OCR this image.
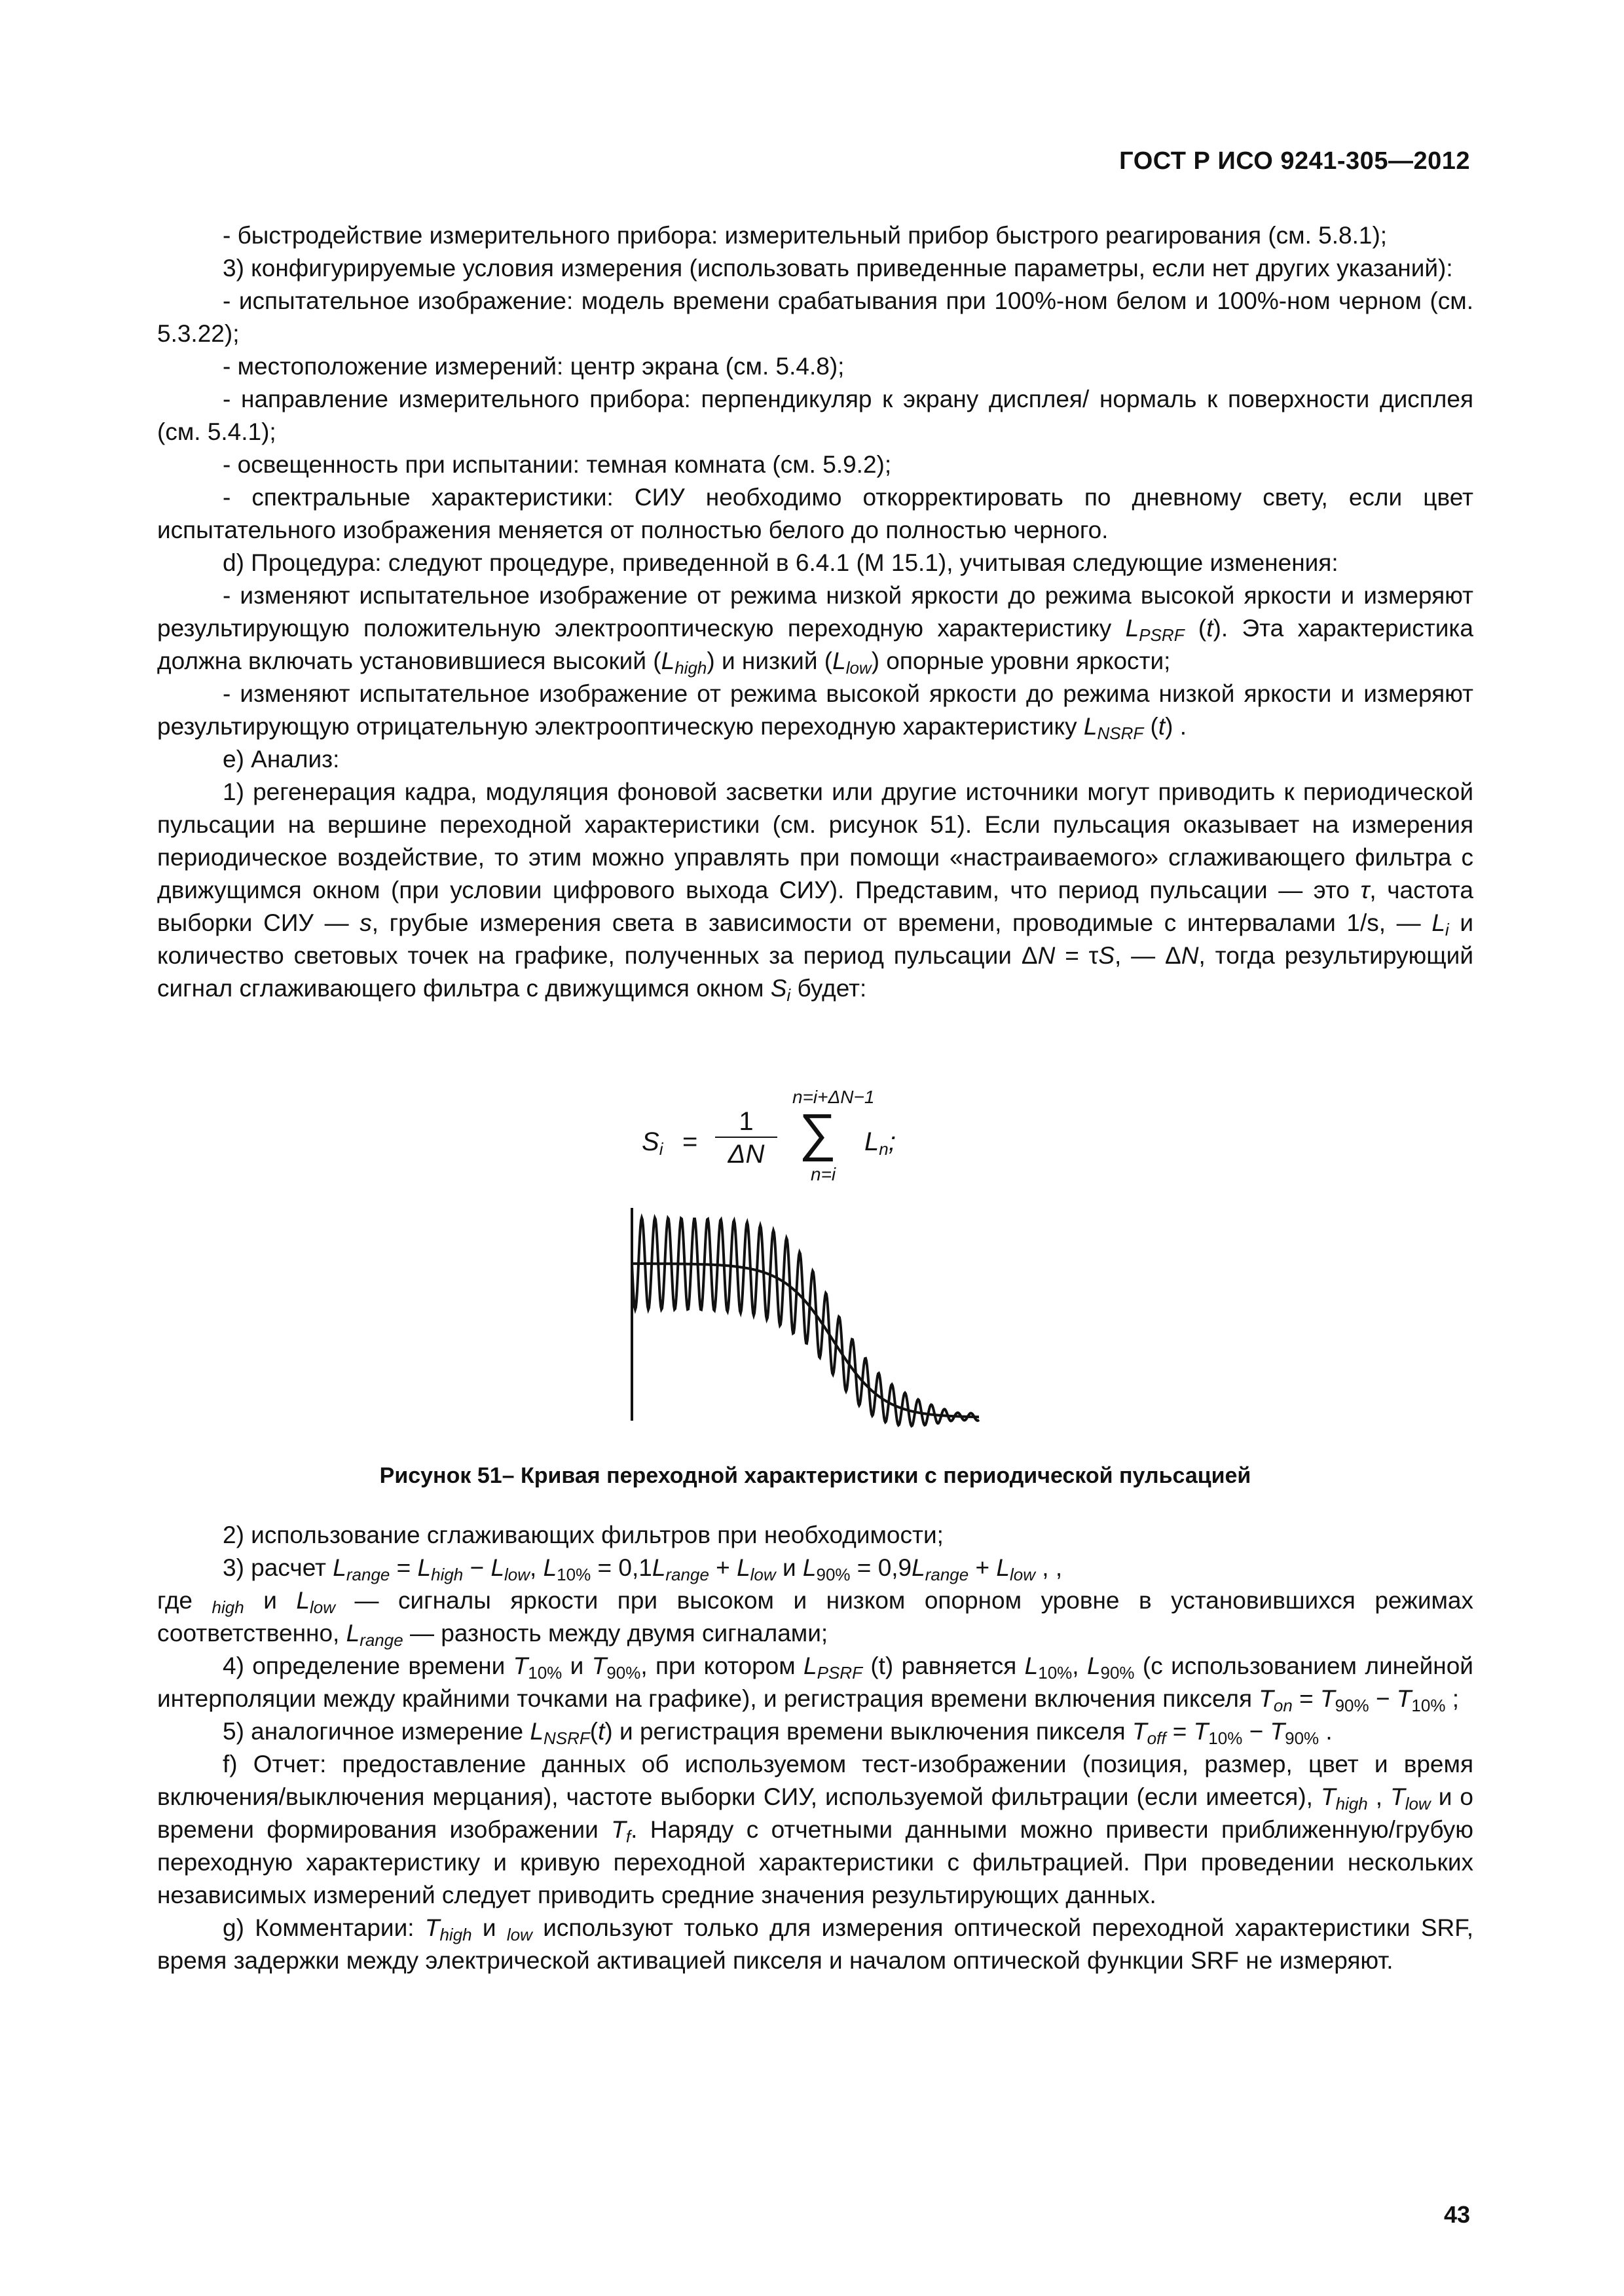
ГОСТ Р ИСО 9241-305—2012

- быстродействие измерительного прибора: измерительный прибор быстрого реагирования (см. 5.8.1);

3) конфигурируемые условия измерения (использовать приведенные параметры, если нет других указаний):

- испытательное изображение: модель времени срабатывания при 100%-ном белом и 100%-ном черном (см. 5.3.22);

- местоположение измерений: центр экрана (см. 5.4.8);

- направление измерительного прибора: перпендикуляр к экрану дисплея/ нормаль к поверхности дисплея (см. 5.4.1);

- освещенность при испытании: темная комната (см. 5.9.2);

- спектральные характеристики: СИУ необходимо откорректировать по дневному свету, если цвет испытательного изображения меняется от полностью белого до полностью черного.

d) Процедура: следуют процедуре, приведенной в 6.4.1 (М 15.1), учитывая следующие изменения:

- изменяют испытательное изображение от режима низкой яркости до режима высокой яркости и измеряют результирующую положительную электрооптическую переходную характеристику $L_{PSRF}$ (t). Эта характеристика должна включать установившиеся высокий $(L_{high})$ и низкий $(L_{low})$ опорные уровни яркости;

- изменяют испытательное изображение от режима высокой яркости до режима низкой яркости и измеряют результирующую отрицательную электрооптическую переходную характеристику $L_{NSRF}$ (t) .

e) Анализ:

1) регенерация кадра, модуляция фоновой засветки или другие источники могут приводить к периодической пульсации на вершине переходной характеристики (см. рисунок 51). Если пульсация оказывает на измерения периодическое воздействие, то этим можно управлять при помощи «настраиваемого» сглаживающего фильтра с движущимся окном (при условии цифрового выхода СИУ). Представим, что период пульсации — это τ, частота выборки СИУ — s, грубые измерения света в зависимости от времени, проводимые с интервалами 1/s, — $L_i$ и количество световых точек на графике, полученных за период пульсации ΔN = τS, — ΔN, тогда результирующий сигнал сглаживающего фильтра с движущимся окном $S_i$ будет:

$S_i$ =
1
ΔN
n=i+ΔN−1
∑
n=i
$L_n$;
Рисунок 51– Кривая переходной характеристики с периодической пульсацией

2) использование сглаживающих фильтров при необходимости;

3) расчет $L_{range} = L_{high} - L_{low}$, $L_{10\%} = 0,1L_{range} + L_{low}$ и $L_{90\%} = 0,9L_{range} + L_{low}$ , ,

где $_{high}$ и $L_{low}$ — сигналы яркости при высоком и низком опорном уровне в установившихся режимах соответственно, $L_{range}$ — разность между двумя сигналами;

4) определение времени $T_{10\%}$ и $T_{90\%}$, при котором $L_{PSRF}$ (t) равняется $L_{10\%}$, $L_{90\%}$ (с использованием линейной интерполяции между крайними точками на графике), и регистрация времени включения пикселя $T_{on} = T_{90\%} - T_{10\%}$ ;

5) аналогичное измерение $L_{NSRF}(t)$ и регистрация времени выключения пикселя $T_{off} = T_{10\%} - T_{90\%}$ .

f) Отчет: предоставление данных об используемом тест-изображении (позиция, размер, цвет и время включения/выключения мерцания), частоте выборки СИУ, используемой фильтрации (если имеется), $T_{high}$ , $T_{low}$ и о времени формирования изображении $T_f$. Наряду с отчетными данными можно привести приближенную/грубую переходную характеристику и кривую переходной характеристики с фильтрацией. При проведении нескольких независимых измерений следует приводить средние значения результирующих данных.

g) Комментарии: $T_{high}$ и $_{low}$ используют только для измерения оптической переходной характеристики SRF, время задержки между электрической активацией пикселя и началом оптической функции SRF не измеряют.

43
